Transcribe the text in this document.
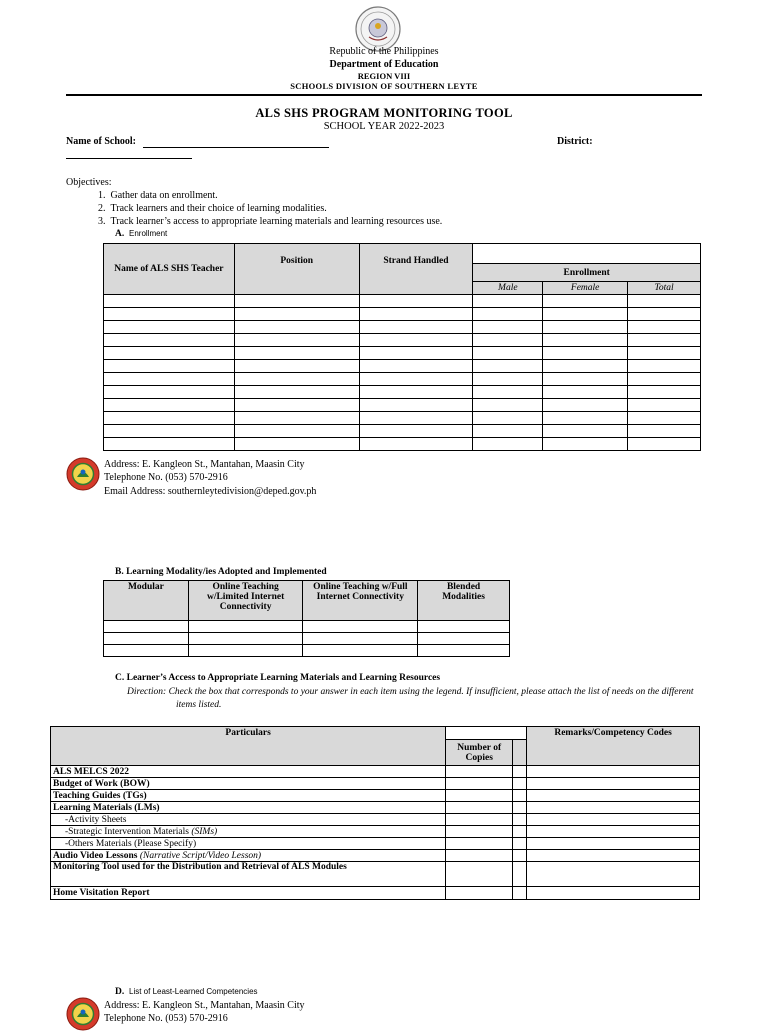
Republic of the Philippines
Department of Education
REGION VIII
SCHOOLS DIVISION OF SOUTHERN LEYTE
ALS SHS PROGRAM MONITORING TOOL
SCHOOL YEAR 2022-2023
Name of School:	District:
Objectives:
1.  Gather data on enrollment.
2.  Track learners and their choice of learning modalities.
3.  Track learner’s access to appropriate learning materials and learning resources use.
A. Enrollment
Name of ALS SHS Teacher	Position	Strand Handled			
			Enrollment		
			Male	Female	Total

Address: E. Kangleon St., Mantahan, Maasin City
Telephone No. (053) 570-2916
Email Address: southernleytedivision@deped.gov.ph
B. Learning Modality/ies Adopted and Implemented
Modular	Online Teaching w/Limited Internet Connectivity	Online Teaching w/Full Internet Connectivity	Blended Modalities

C. Learner’s Access to Appropriate Learning Materials and Learning Resources
Direction: Check the box that corresponds to your answer in each item using the legend. If insufficient, please attach the list of needs on the different items listed.
Particulars			Remarks/Competency Codes
	Number of Copies		
ALS MELCS 2022			
Budget of Work (BOW)			
Teaching Guides (TGs)			
Learning Materials (LMs)			
-Activity Sheets			
-Strategic Intervention Materials (SIMs)			
-Others Materials (Please Specify)			
Audio Video Lessons (Narrative Script/Video Lesson)			
Monitoring Tool used for the Distribution and Retrieval of ALS Modules			
Home Visitation Report			
D. List of Least-Learned Competencies
Address: E. Kangleon St., Mantahan, Maasin City
Telephone No. (053) 570-2916
